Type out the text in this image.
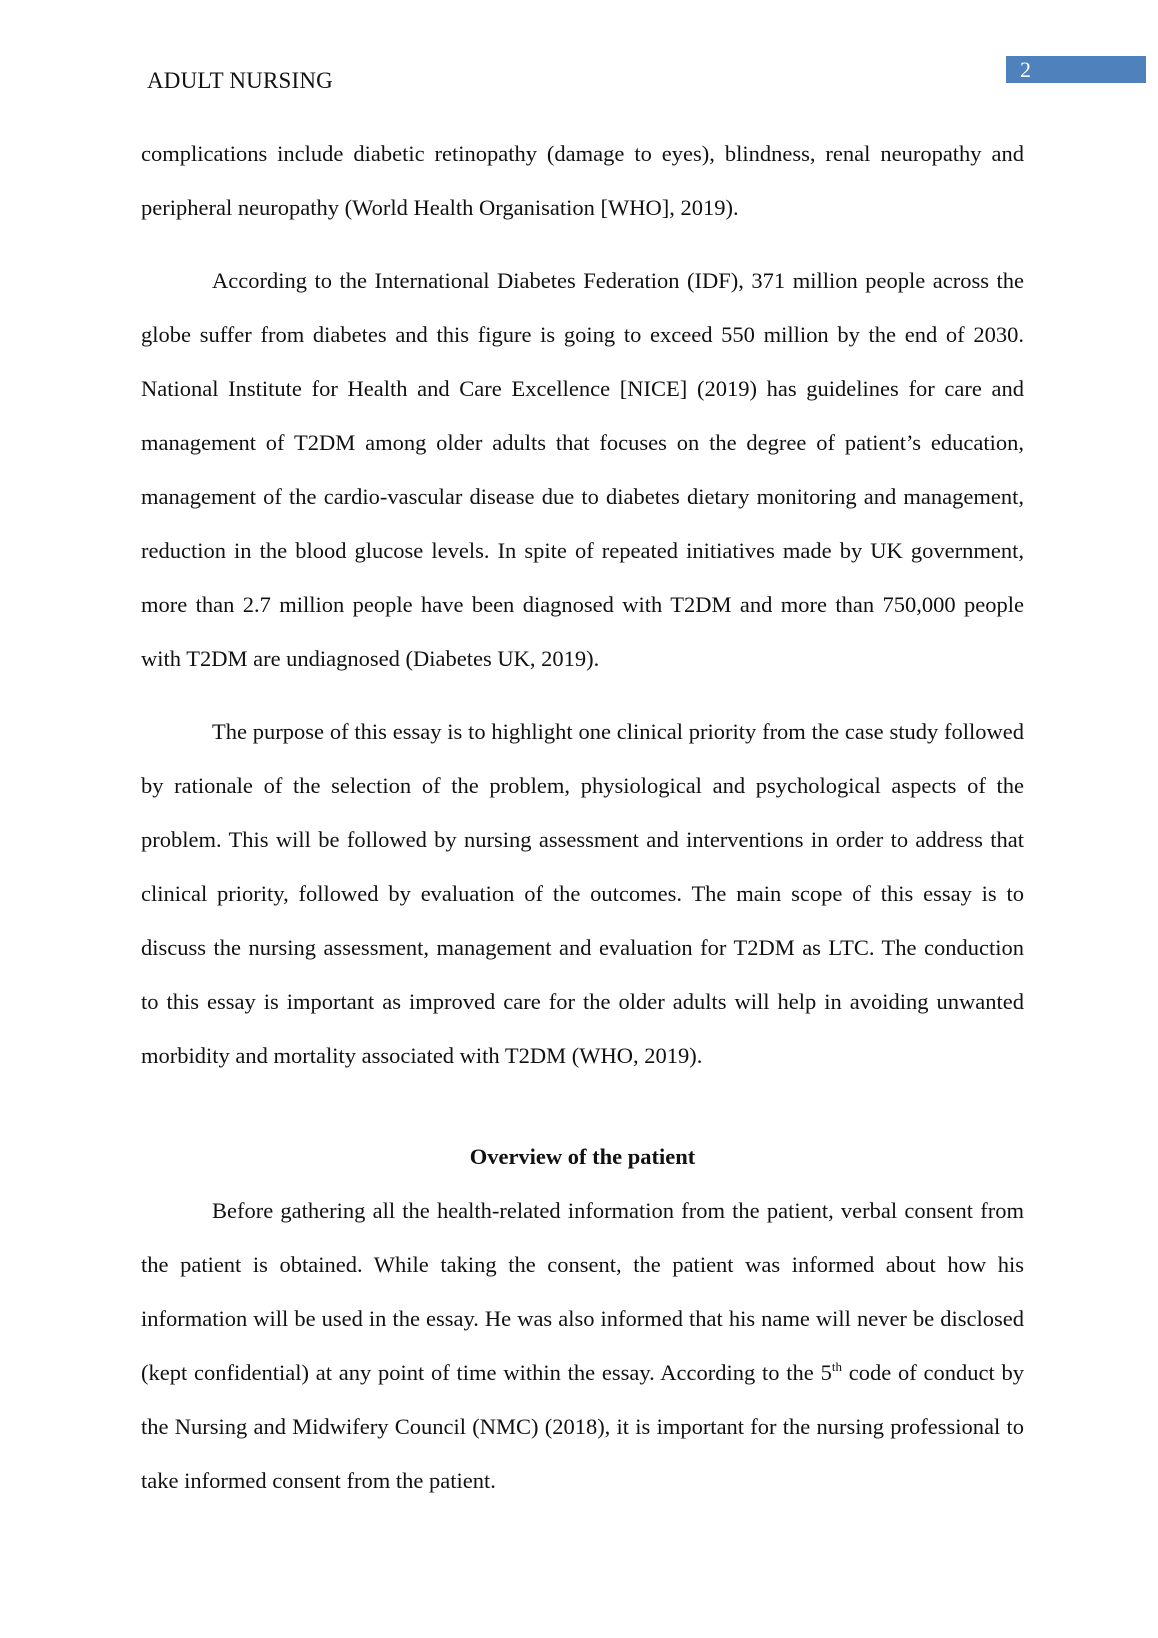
ADULT NURSING	2

complications include diabetic retinopathy (damage to eyes), blindness, renal neuropathy and peripheral neuropathy (World Health Organisation [WHO], 2019).

According to the International Diabetes Federation (IDF), 371 million people across the globe suffer from diabetes and this figure is going to exceed 550 million by the end of 2030. National Institute for Health and Care Excellence [NICE] (2019) has guidelines for care and management of T2DM among older adults that focuses on the degree of patient’s education, management of the cardio-vascular disease due to diabetes dietary monitoring and management, reduction in the blood glucose levels. In spite of repeated initiatives made by UK government, more than 2.7 million people have been diagnosed with T2DM and more than 750,000 people with T2DM are undiagnosed (Diabetes UK, 2019).

The purpose of this essay is to highlight one clinical priority from the case study followed by rationale of the selection of the problem, physiological and psychological aspects of the problem. This will be followed by nursing assessment and interventions in order to address that clinical priority, followed by evaluation of the outcomes. The main scope of this essay is to discuss the nursing assessment, management and evaluation for T2DM as LTC. The conduction to this essay is important as improved care for the older adults will help in avoiding unwanted morbidity and mortality associated with T2DM (WHO, 2019).

Overview of the patient

Before gathering all the health-related information from the patient, verbal consent from the patient is obtained. While taking the consent, the patient was informed about how his information will be used in the essay. He was also informed that his name will never be disclosed (kept confidential) at any point of time within the essay. According to the 5th code of conduct by the Nursing and Midwifery Council (NMC) (2018), it is important for the nursing professional to take informed consent from the patient.
